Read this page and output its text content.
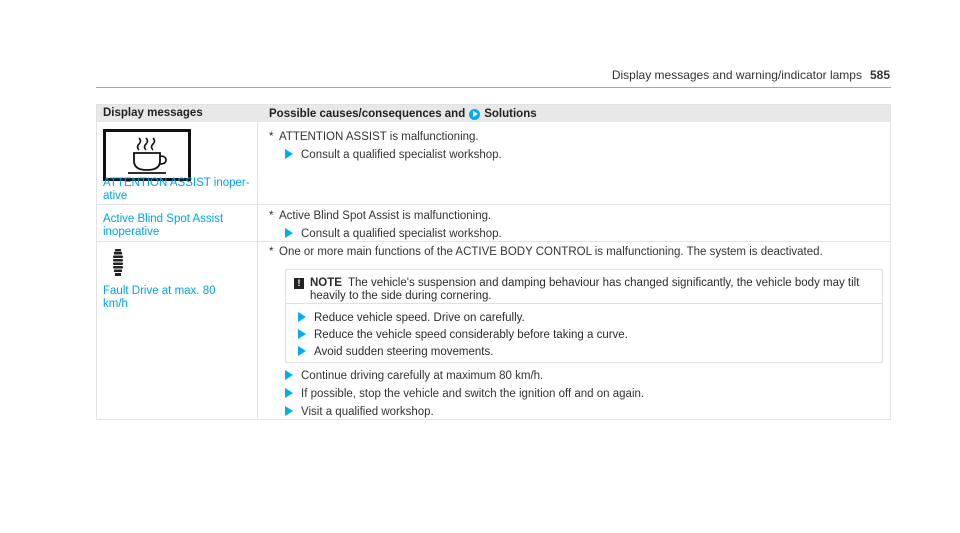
Display messages and warning/indicator lamps 585
Display messages	Possible causes/consequences and Solutions
ATTENTION ASSIST inoper-
ative
* ATTENTION ASSIST is malfunctioning.
Consult a qualified specialist workshop.
Active Blind Spot Assist
inoperative
* Active Blind Spot Assist is malfunctioning.
Consult a qualified specialist workshop.
Fault Drive at max. 80
km/h
* One or more main functions of the ACTIVE BODY CONTROL is malfunctioning. The system is deactivated.
! NOTE The vehicle's suspension and damping behaviour has changed significantly, the vehicle body may tilt
heavily to the side during cornering.
Reduce vehicle speed. Drive on carefully.
Reduce the vehicle speed considerably before taking a curve.
Avoid sudden steering movements.
Continue driving carefully at maximum 80 km/h.
If possible, stop the vehicle and switch the ignition off and on again.
Visit a qualified workshop.
